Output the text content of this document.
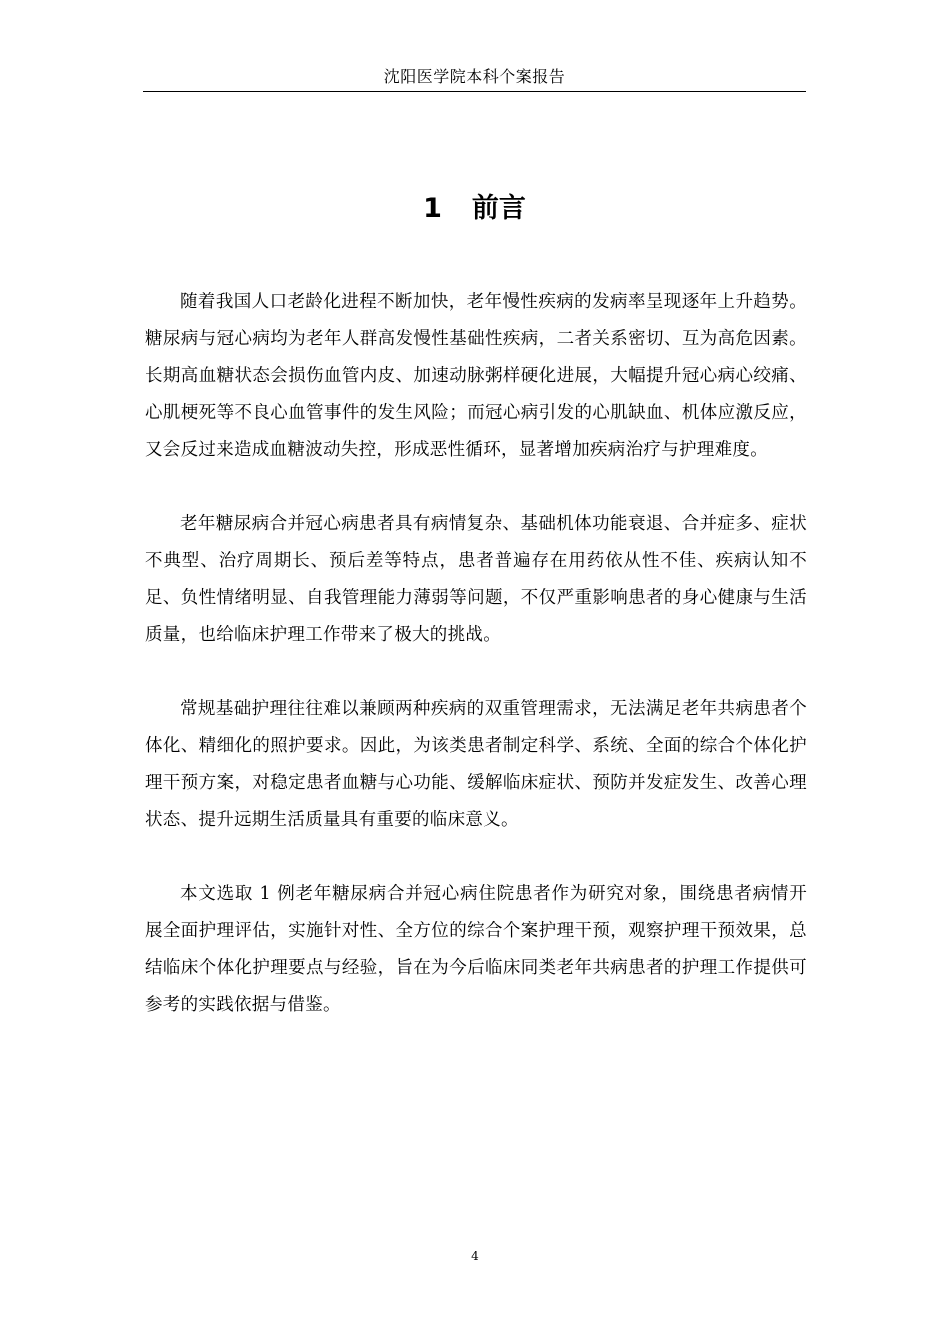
沈阳医学院本科个案报告
1 前言

随着我国人口老龄化进程不断加快，老年慢性疾病的发病率呈现逐年上升趋势。糖尿病与冠心病均为老年人群高发慢性基础性疾病，二者关系密切、互为高危因素。长期高血糖状态会损伤血管内皮、加速动脉粥样硬化进展，大幅提升冠心病心绞痛、心肌梗死等不良心血管事件的发生风险；而冠心病引发的心肌缺血、机体应激反应，又会反过来造成血糖波动失控，形成恶性循环，显著增加疾病治疗与护理难度。

老年糖尿病合并冠心病患者具有病情复杂、基础机体功能衰退、合并症多、症状不典型、治疗周期长、预后差等特点，患者普遍存在用药依从性不佳、疾病认知不足、负性情绪明显、自我管理能力薄弱等问题，不仅严重影响患者的身心健康与生活质量，也给临床护理工作带来了极大的挑战。

常规基础护理往往难以兼顾两种疾病的双重管理需求，无法满足老年共病患者个体化、精细化的照护要求。因此，为该类患者制定科学、系统、全面的综合个体化护理干预方案，对稳定患者血糖与心功能、缓解临床症状、预防并发症发生、改善心理状态、提升远期生活质量具有重要的临床意义。

本文选取 1 例老年糖尿病合并冠心病住院患者作为研究对象，围绕患者病情开展全面护理评估，实施针对性、全方位的综合个案护理干预，观察护理干预效果，总结临床个体化护理要点与经验，旨在为今后临床同类老年共病患者的护理工作提供可参考的实践依据与借鉴。

4
